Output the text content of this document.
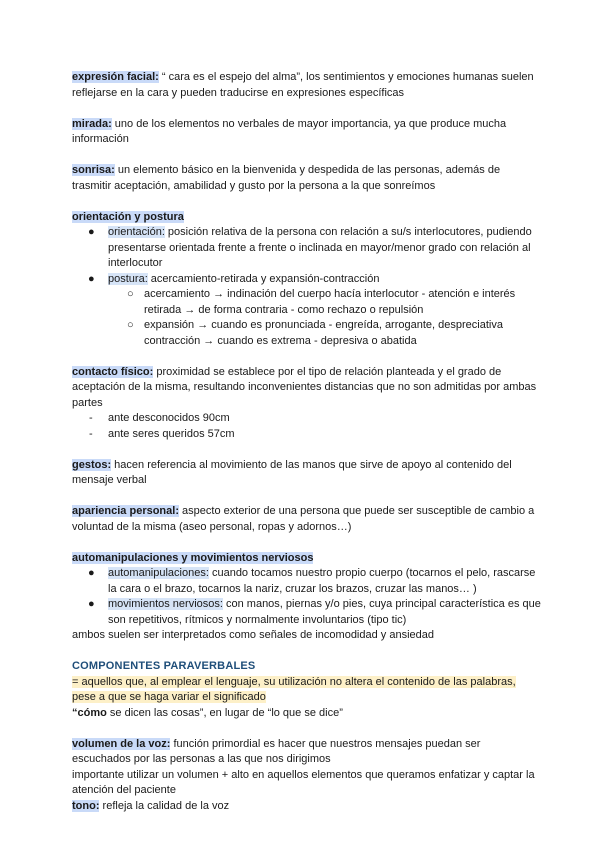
expresión facial: “ cara es el espejo del alma”, los sentimientos y emociones humanas suelen reflejarse en la cara y pueden traducirse en expresiones específicas

mirada: uno de los elementos no verbales de mayor importancia, ya que produce mucha información

sonrisa: un elemento básico en la bienvenida y despedida de las personas, además de trasmitir aceptación, amabilidad y gusto por la persona a la que sonreímos

orientación y postura

● orientación: posición relativa de la persona con relación a su/s interlocutores, pudiendo presentarse orientada frente a frente o inclinada en mayor/menor grado con relación al interlocutor
● postura: acercamiento-retirada y expansión-contracción
○ acercamiento → indinación del cuerpo hacía interlocutor - atención e interés retirada → de forma contraria - como rechazo o repulsión
○ expansión → cuando es pronunciada - engreída, arrogante, despreciativa contracción → cuando es extrema - depresiva o abatida

contacto físico: proximidad se establece por el tipo de relación planteada y el grado de aceptación de la misma, resultando inconvenientes distancias que no son admitidas por ambas partes

- ante desconocidos 90cm
- ante seres queridos 57cm

gestos: hacen referencia al movimiento de las manos que sirve de apoyo al contenido del mensaje verbal

apariencia personal: aspecto exterior de una persona que puede ser susceptible de cambio a voluntad de la misma (aseo personal, ropas y adornos…)

automanipulaciones y movimientos nerviosos

● automanipulaciones: cuando tocamos nuestro propio cuerpo (tocarnos el pelo, rascarse la cara o el brazo, tocarnos la nariz, cruzar los brazos, cruzar las manos… )
● movimientos nerviosos: con manos, piernas y/o pies, cuya principal característica es que son repetitivos, rítmicos y normalmente involuntarios (tipo tic)

ambos suelen ser interpretados como señales de incomodidad y ansiedad

COMPONENTES PARAVERBALES

= aquellos que, al emplear el lenguaje, su utilización no altera el contenido de las palabras, pese a que se haga variar el significado

“cómo se dicen las cosas”, en lugar de “lo que se dice”

volumen de la voz: función primordial es hacer que nuestros mensajes puedan ser escuchados por las personas a las que nos dirigimos

importante utilizar un volumen + alto en aquellos elementos que queramos enfatizar y captar la atención del paciente

tono: refleja la calidad de la voz
